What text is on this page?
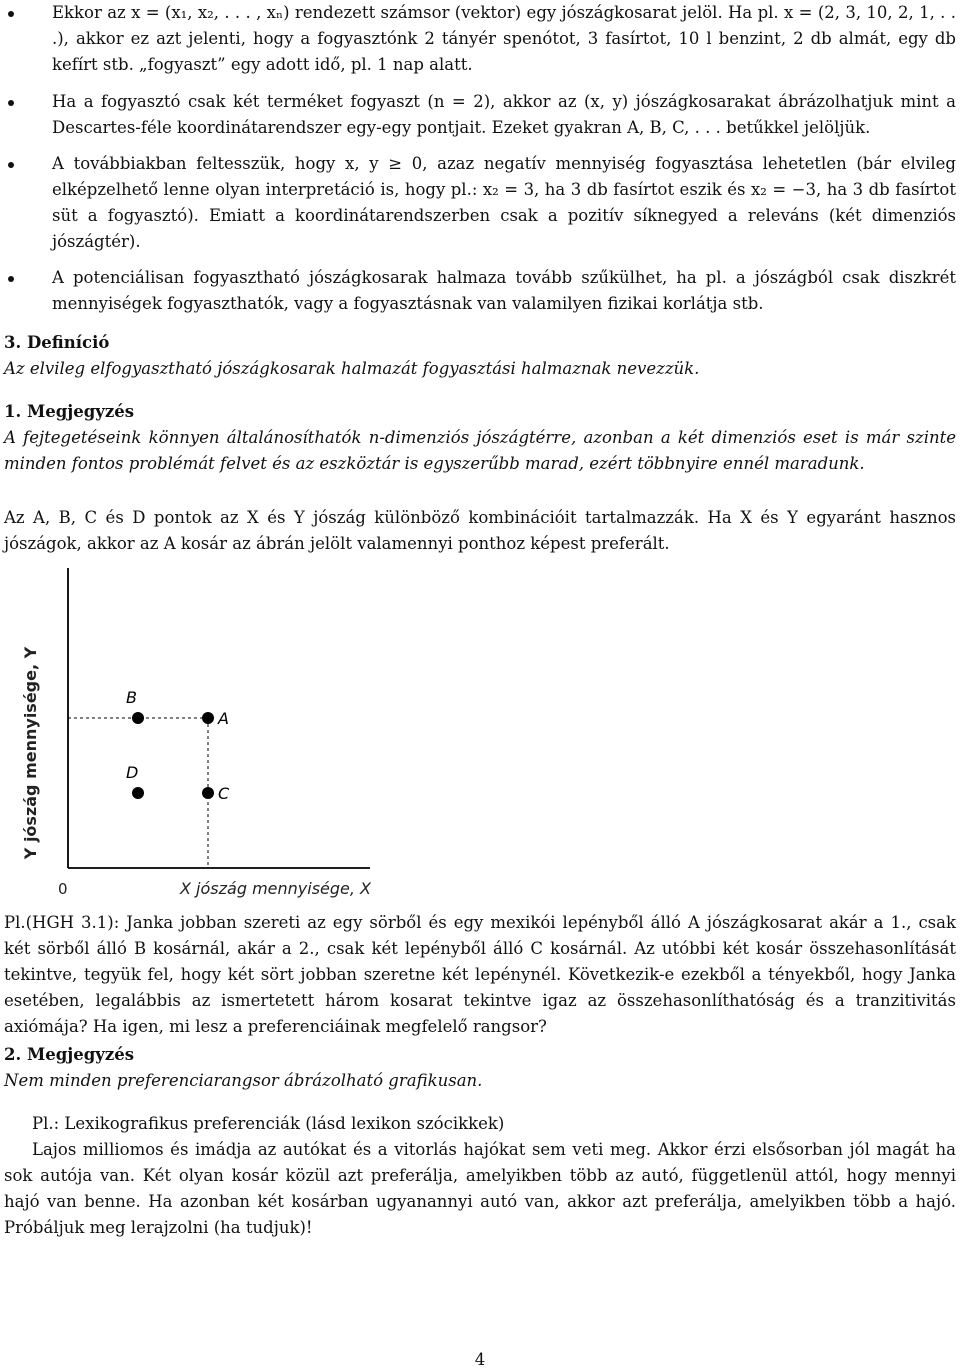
Ekkor az x = (x₁, x₂, . . . , xₙ) rendezett számsor (vektor) egy jószágkosarat jelöl. Ha pl. x = (2, 3, 10, 2, 1, . . .), akkor ez azt jelenti, hogy a fogyasztónk 2 tányér spenótot, 3 fasírtot, 10 l benzint, 2 db almát, egy db kefírt stb. „fogyaszt” egy adott idő, pl. 1 nap alatt.
Ha a fogyasztó csak két terméket fogyaszt (n = 2), akkor az (x, y) jószágkosarakat ábrázolhatjuk mint a Descartes-féle koordinátarendszer egy-egy pontjait. Ezeket gyakran A, B, C, . . . betűkkel jelöljük.
A továbbiakban feltesszük, hogy x, y ≥ 0, azaz negatív mennyiség fogyasztása lehetetlen (bár elvileg elképzelhető lenne olyan interpretáció is, hogy pl.: x₂ = 3, ha 3 db fasírtot eszik és x₂ = −3, ha 3 db fasírtot süt a fogyasztó). Emiatt a koordinátarendszerben csak a pozitív síknegyed a releváns (két dimenziós jószágtér).
A potenciálisan fogyasztható jószágkosarak halmaza tovább szűkülhet, ha pl. a jószágból csak diszkrét mennyiségek fogyaszthatók, vagy a fogyasztásnak van valamilyen fizikai korlátja stb.
3. Definíció
Az elvileg elfogyasztható jószágkosarak halmazát fogyasztási halmaznak nevezzük.
1. Megjegyzés
A fejtegetéseink könnyen általánosíthatók n-dimenziós jószágtérre, azonban a két dimenziós eset is már szinte minden fontos problémát felvet és az eszköztár is egyszerűbb marad, ezért többnyire ennél maradunk.
Az A, B, C és D pontok az X és Y jószág különböző kombinációit tartalmazzák. Ha X és Y egyaránt hasznos jószágok, akkor az A kosár az ábrán jelölt valamennyi ponthoz képest preferált.
Y jószág mennyisége, Y
0	X jószág mennyisége, X
A
B
C
D
Pl.(HGH 3.1): Janka jobban szereti az egy sörből és egy mexikói lepényből álló A jószágkosarat akár a 1., csak két sörből álló B kosárnál, akár a 2., csak két lepényből álló C kosárnál. Az utóbbi két kosár összehasonlítását tekintve, tegyük fel, hogy két sört jobban szeretne két lepénynél. Következik-e ezekből a tényekből, hogy Janka esetében, legalábbis az ismertetett három kosarat tekintve igaz az összehasonlíthatóság és a tranzitivitás axiómája? Ha igen, mi lesz a preferenciáinak megfelelő rangsor?
2. Megjegyzés
Nem minden preferenciarangsor ábrázolható grafikusan.
Pl.: Lexikografikus preferenciák (lásd lexikon szócikkek)
Lajos milliomos és imádja az autókat és a vitorlás hajókat sem veti meg. Akkor érzi elsősorban jól magát ha sok autója van. Két olyan kosár közül azt preferálja, amelyikben több az autó, függetlenül attól, hogy mennyi hajó van benne. Ha azonban két kosárban ugyanannyi autó van, akkor azt preferálja, amelyikben több a hajó. Próbáljuk meg lerajzolni (ha tudjuk)!
4
